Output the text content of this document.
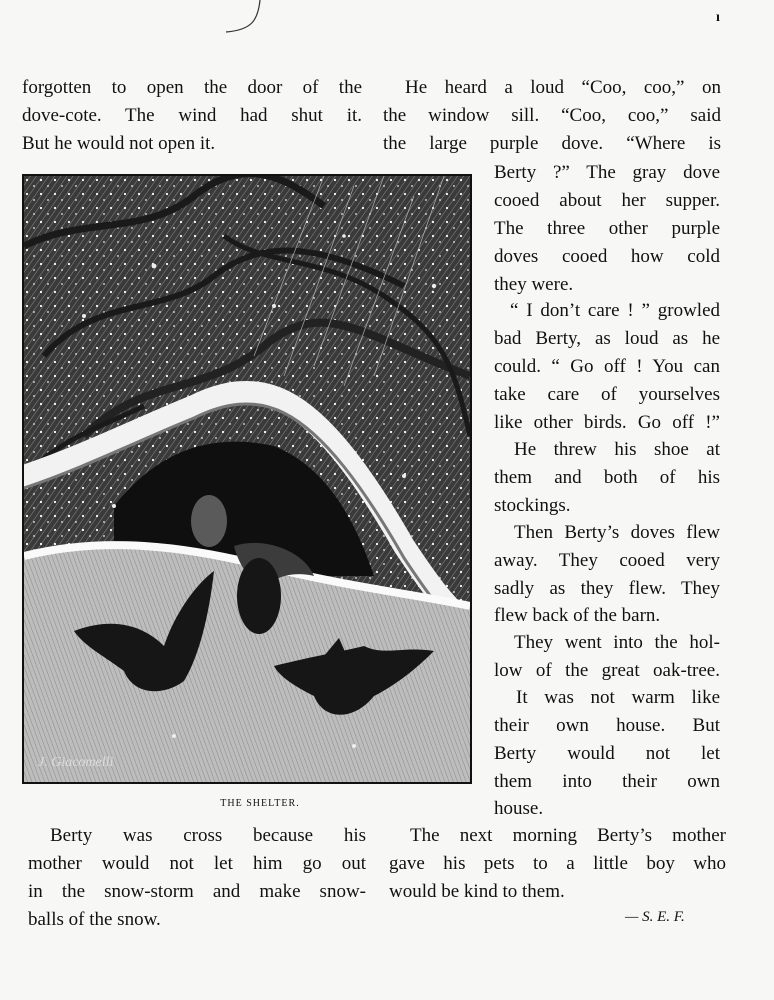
ı
forgotten to open the door of the
dove-cote. The wind had shut it.
But he would not open it.
He heard a loud “Coo, coo,” on
the window sill. “Coo, coo,” said
the large purple dove. “Where is
Berty ?” The gray dove
cooed about her supper.
The three other purple
doves cooed how cold
they were.
“ I don’t care ! ” growled
bad Berty, as loud as he
could. “ Go off ! You can
take care of yourselves
like other birds. Go off !”
He threw his shoe at
them and both of his
stockings.
Then Berty’s doves flew
away. They cooed very
sadly as they flew. They
flew back of the barn.
They went into the hol-
low of the great oak-tree.
It was not warm like
their own house. But
Berty would not let
them into their own
house.
J. Giacomelli
THE SHELTER.
Berty was cross because his
mother would not let him go out
in the snow-storm and make snow-
balls of the snow.
The next morning Berty’s mother
gave his pets to a little boy who
would be kind to them.
— S. E. F.
